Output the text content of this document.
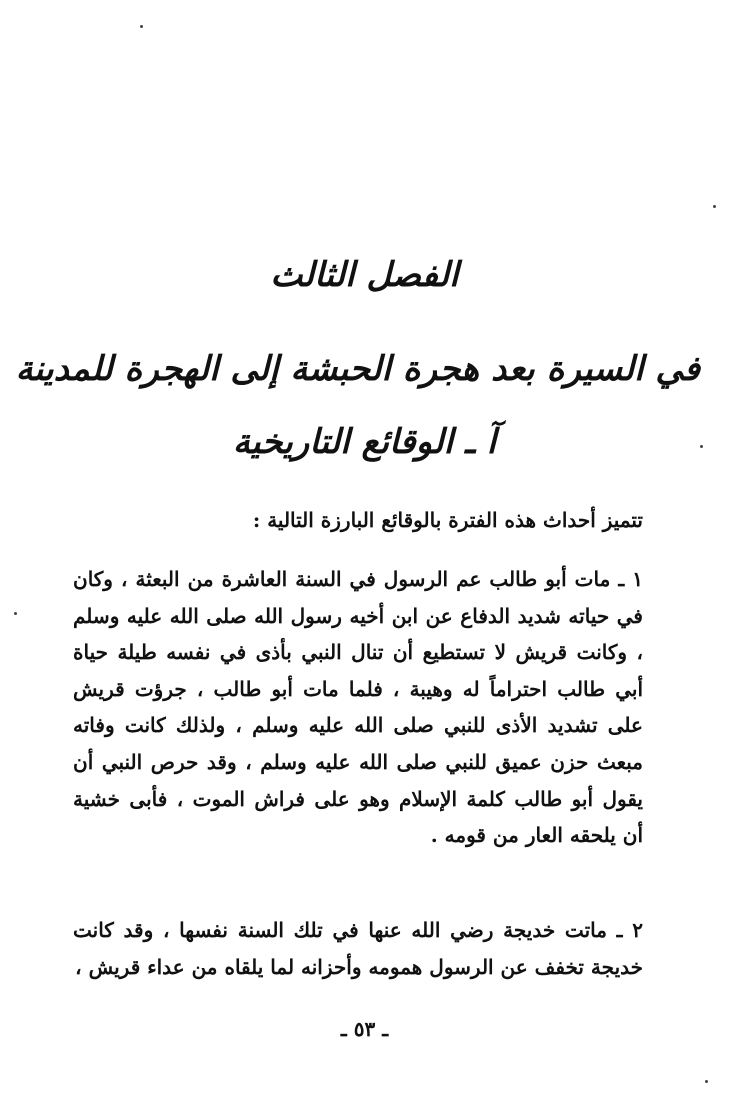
الفصل الثالث
في السيرة بعد هجرة الحبشة إلى الهجرة للمدينة
آ ـ الوقائع التاريخية
تتميز أحداث هذه الفترة بالوقائع البارزة التالية :
١ ـ مات أبو طالب عم الرسول في السنة العاشرة من البعثة ، وكان في حياته شديد الدفاع عن ابن أخيه رسول الله صلى الله عليه وسلم ، وكانت قريش لا تستطيع أن تنال النبي بأذى في نفسه طيلة حياة أبي طالب احتراماً له وهيبة ، فلما مات أبو طالب ، جرؤت قريش على تشديد الأذى للنبي صلى الله عليه وسلم ، ولذلك كانت وفاته مبعث حزن عميق للنبي صلى الله عليه وسلم ، وقد حرص النبي أن يقول أبو طالب كلمة الإسلام وهو على فراش الموت ، فأبى خشية أن يلحقه العار من قومه .
٢ ـ ماتت خديجة رضي الله عنها في تلك السنة نفسها ، وقد كانت خديجة تخفف عن الرسول همومه وأحزانه لما يلقاه من عداء قريش ،
ـ ٥٣ ـ
